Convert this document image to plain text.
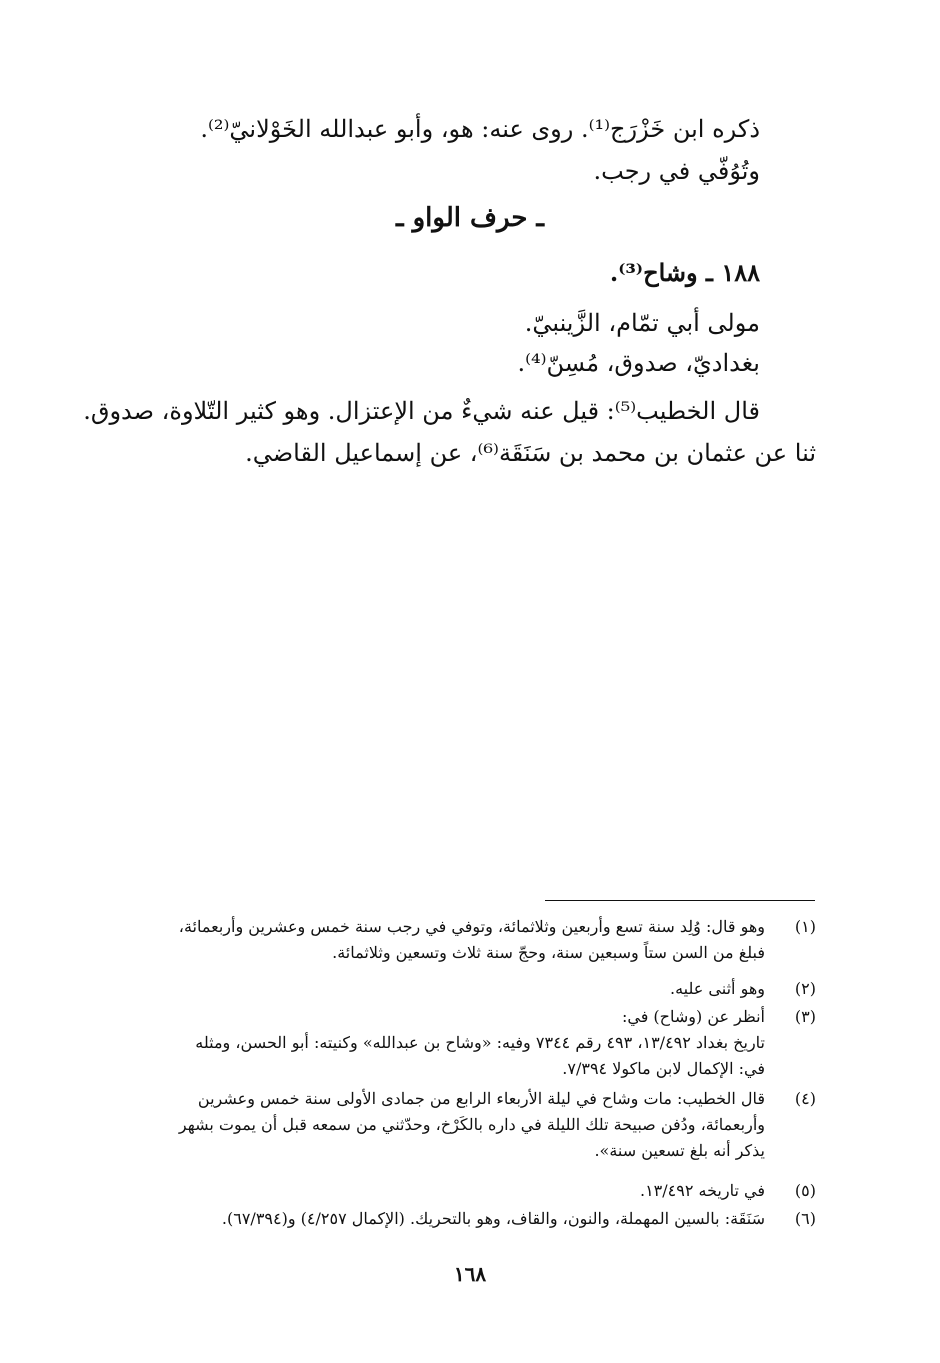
ذكره ابن خَزْرَج⁽¹⁾. روى عنه: هو، وأبو عبدالله الخَوْلانيّ⁽²⁾.
وتُوُفّي في رجب.
ـ حرف الواو ـ
١٨٨ ـ وشاح⁽³⁾.
مولى أبي تمّام، الزَّينبيّ.
بغداديّ، صدوق، مُسِنّ⁽⁴⁾.
قال الخطيب⁽⁵⁾: قيل عنه شيءٌ من الإعتزال. وهو كثير التّلاوة، صدوق.
ثنا عن عثمان بن محمد بن سَنَقَة⁽⁶⁾، عن إسماعيل القاضي.
(١)
وهو قال: وُلِد سنة تسع وأربعين وثلاثمائة، وتوفي في رجب سنة خمس وعشرين وأربعمائة،
فبلغ من السن ستاً وسبعين سنة، وحجّ سنة ثلاث وتسعين وثلاثمائة.
(٢)
وهو أثنى عليه.
(٣)
أنظر عن (وشاح) في:
تاريخ بغداد ١٣/٤٩٢، ٤٩٣ رقم ٧٣٤٤ وفيه: «وشاح بن عبدالله» وكنيته: أبو الحسن، ومثله
في: الإكمال لابن ماكولا ٧/٣٩٤.
(٤)
قال الخطيب: مات وشاح في ليلة الأربعاء الرابع من جمادى الأولى سنة خمس وعشرين
وأربعمائة، ودُفن صبيحة تلك الليلة في داره بالكَرْخ، وحدّثني من سمعه قبل أن يموت بشهر
يذكر أنه بلغ تسعين سنة».
(٥)
في تاريخه ١٣/٤٩٢.
(٦)
سَنَقَة: بالسين المهملة، والنون، والقاف، وهو بالتحريك. (الإكمال ٤/٢٥٧) و(٦٧/٣٩٤).
١٦٨
